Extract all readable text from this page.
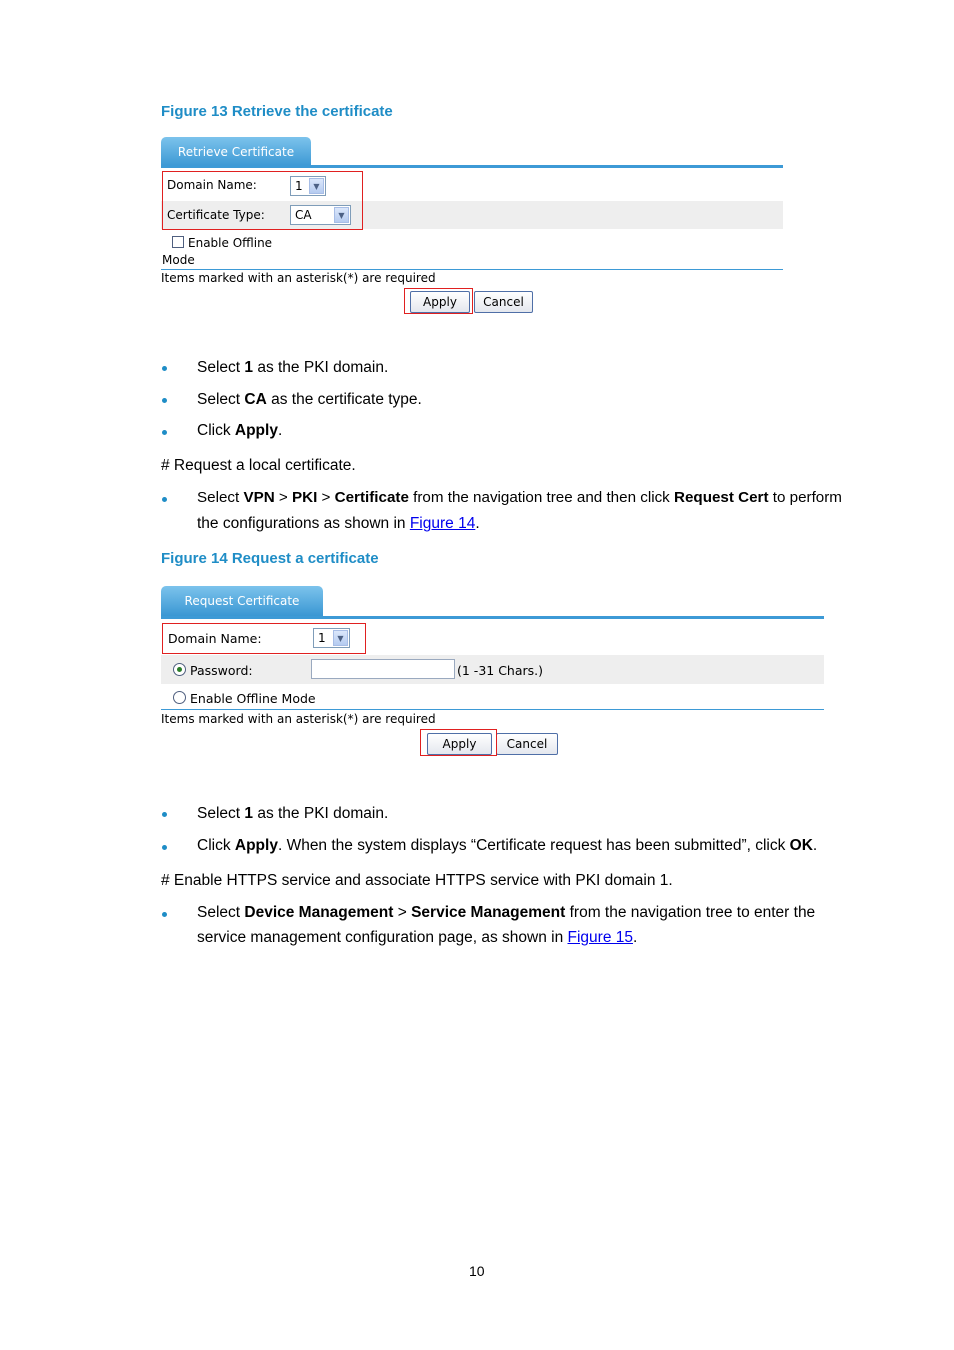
Figure 13 Retrieve the certificate
Retrieve Certificate
Domain Name:	1	▼
Certificate Type:	CA	▼
Enable Offline
Mode
Items marked with an asterisk(*) are required
Apply	Cancel
Select 1 as the PKI domain.
Select CA as the certificate type.
Click Apply.
# Request a local certificate.
Select VPN > PKI > Certificate from the navigation tree and then click Request Cert to perform
the configurations as shown in Figure 14.
Figure 14 Request a certificate
Request Certificate
Domain Name:	1	▼
Password:	(1 -31 Chars.)
Enable Offline Mode
Items marked with an asterisk(*) are required
Apply	Cancel
Select 1 as the PKI domain.
Click Apply. When the system displays “Certificate request has been submitted”, click OK.
# Enable HTTPS service and associate HTTPS service with PKI domain 1.
Select Device Management > Service Management from the navigation tree to enter the
service management configuration page, as shown in Figure 15.
10
